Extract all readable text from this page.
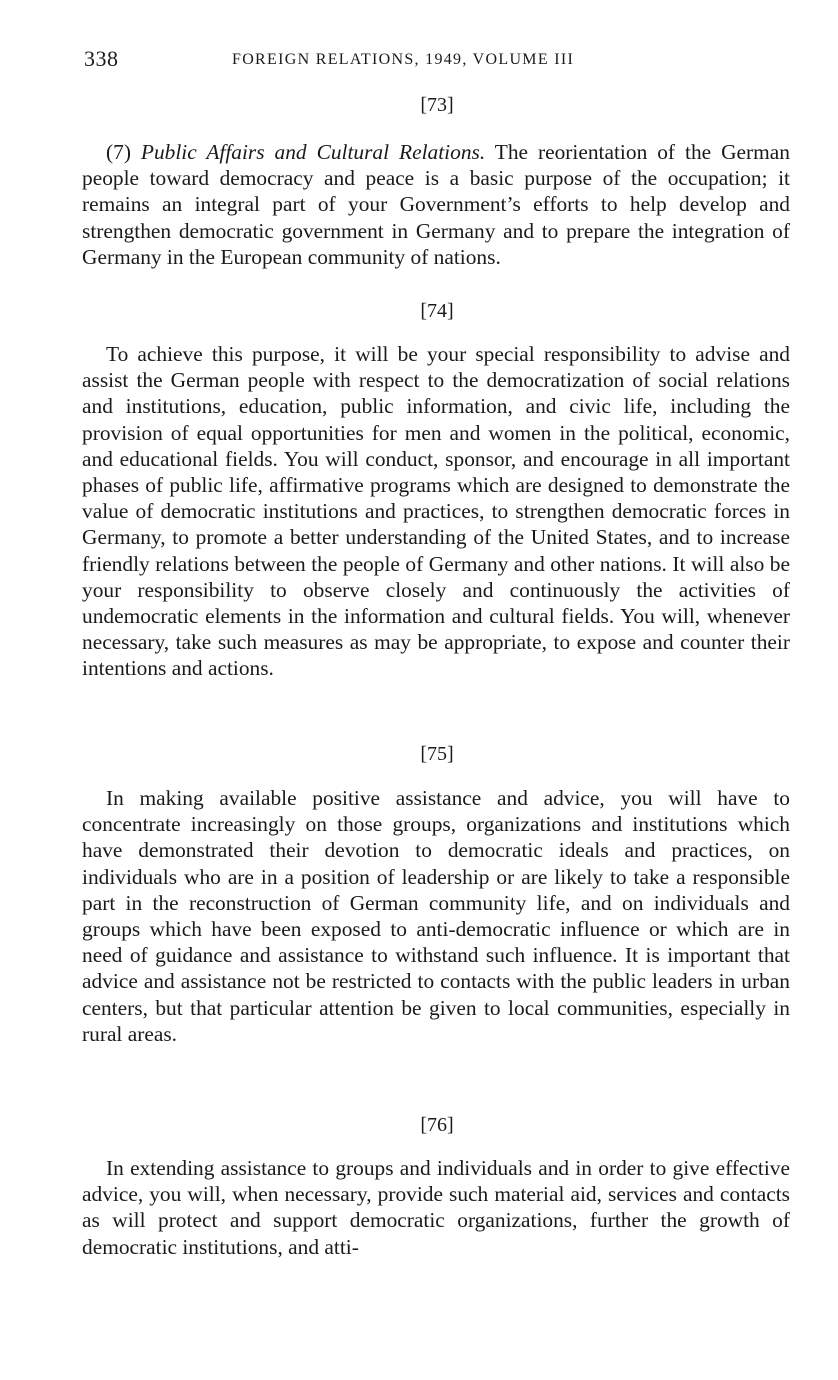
338	FOREIGN RELATIONS, 1949, VOLUME III
[73]

(7) Public Affairs and Cultural Relations. The reorientation of the German people toward democracy and peace is a basic purpose of the occupation; it remains an integral part of your Government’s efforts to help develop and strengthen democratic government in Germany and to prepare the integration of Germany in the European community of nations.

[74]

To achieve this purpose, it will be your special responsibility to advise and assist the German people with respect to the democratization of social relations and institutions, education, public information, and civic life, including the provision of equal opportunities for men and women in the political, economic, and educational fields. You will conduct, sponsor, and encourage in all important phases of public life, affirmative programs which are designed to demonstrate the value of democratic institutions and practices, to strengthen democratic forces in Germany, to promote a better understanding of the United States, and to increase friendly relations between the people of Germany and other nations. It will also be your responsibility to observe closely and continuously the activities of undemocratic elements in the information and cultural fields. You will, whenever necessary, take such measures as may be appropriate, to expose and counter their intentions and actions.

[75]

In making available positive assistance and advice, you will have to concentrate increasingly on those groups, organizations and institutions which have demonstrated their devotion to democratic ideals and practices, on individuals who are in a position of leadership or are likely to take a responsible part in the reconstruction of German community life, and on individuals and groups which have been exposed to anti-democratic influence or which are in need of guidance and assistance to withstand such influence. It is important that advice and assistance not be restricted to contacts with the public leaders in urban centers, but that particular attention be given to local communities, especially in rural areas.

[76]

In extending assistance to groups and individuals and in order to give effective advice, you will, when necessary, provide such material aid, services and contacts as will protect and support democratic organizations, further the growth of democratic institutions, and atti-
